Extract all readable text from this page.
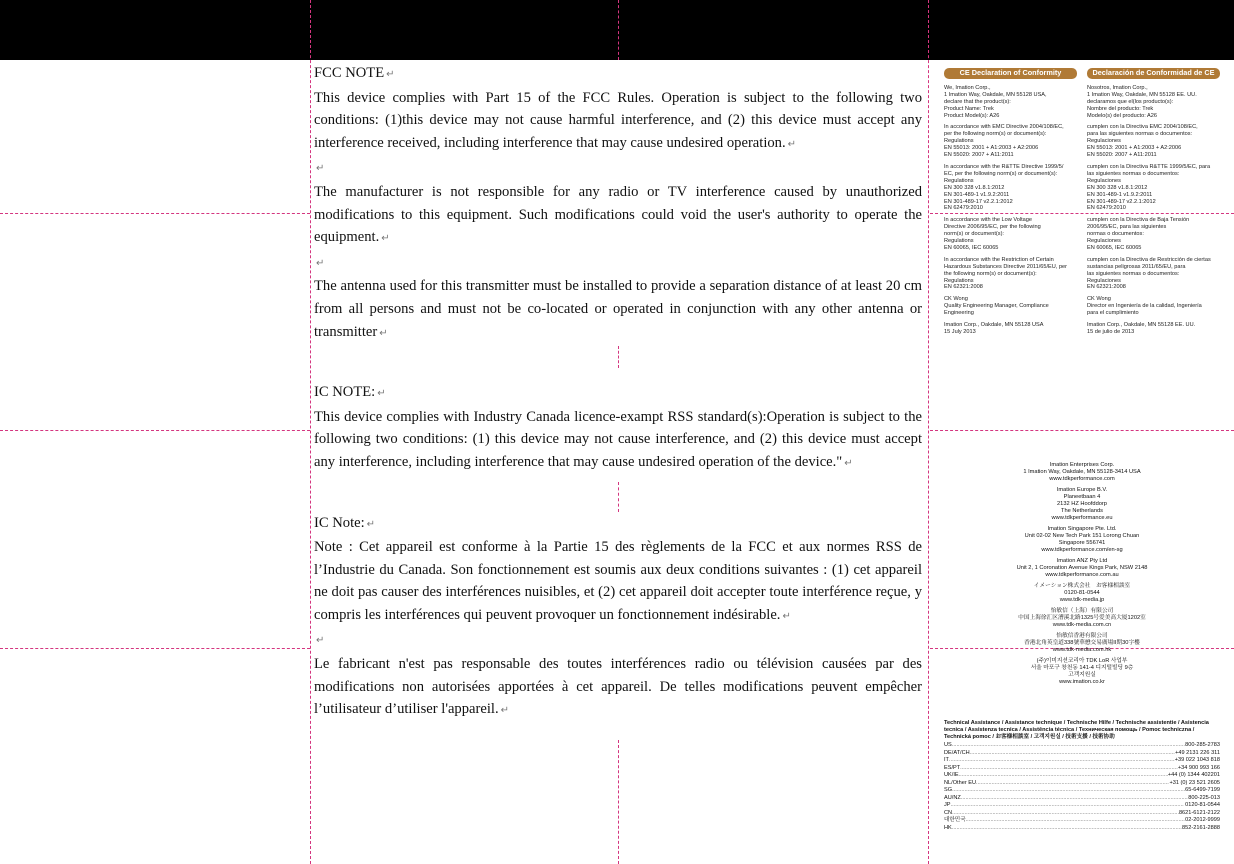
FCC NOTE ↵

This device complies with Part 15 of the FCC Rules. Operation is subject to the following two conditions: (1)this device may not cause harmful interference, and (2) this device must accept any interference received, including interference that may cause undesired operation. ↵

↵

The manufacturer is not responsible for any radio or TV interference caused by unauthorized modifications to this equipment. Such modifications could void the user's authority to operate the equipment. ↵

↵

The antenna used for this transmitter must be installed to provide a separation distance of at least 20 cm from all persons and must not be co-located or operated in conjunction with any other antenna or transmitter ↵

IC NOTE: ↵

This device complies with Industry Canada licence-exampt RSS standard(s):Operation is subject to the following two conditions: (1) this device may not cause interference, and (2) this device must accept any interference, including interference that may cause undesired operation of the device." ↵

IC Note: ↵

Note : Cet appareil est conforme à la Partie 15 des règlements de la FCC et aux normes RSS de l’Industrie du Canada. Son fonctionnement est soumis aux deux conditions suivantes : (1) cet appareil ne doit pas causer des interférences nuisibles, et (2) cet appareil doit accepter toute interférence reçue, y compris les interférences qui peuvent provoquer un fonctionnement indésirable. ↵

↵

Le fabricant n'est pas responsable des toutes interférences radio ou télévision causées par des modifications non autorisées apportées à cet appareil. De telles modifications peuvent empêcher l’utilisateur d’utiliser l'appareil. ↵

CE Declaration of Conformity

We, Imation Corp.,
1 Imation Way, Oakdale, MN 55128 USA,
declare that the product(s):
Product Name: Trek
Product Model(s): A26

In accordance with EMC Directive 2004/108/EC,
per the following norm(s) or document(s):
Regulations
EN 55013: 2001 + A1:2003 + A2:2006
EN 55020: 2007 + A11:2011

In accordance with the R&TTE Directive 1999/5/
EC, per the following norm(s) or document(s):
Regulations
EN 300 328 v1.8.1:2012
EN 301-489-1 v1.9.2:2011
EN 301-489-17 v2.2.1:2012
EN 62479:2010

In accordance with the Low Voltage
Directive 2006/95/EC, per the following
norm(s) or document(s):
Regulations
EN 60065, IEC 60065

In accordance with the Restriction of Certain
Hazardous Substances Directive 2011/65/EU, per
the following norm(s) or document(s):
Regulations
EN 62321:2008

CK Wong
Quality Engineering Manager, Compliance
Engineering

Imation Corp., Oakdale, MN 55128 USA
15 July 2013

Declaración de Conformidad de CE

Nosotros, Imation Corp.,
1 Imation Way, Oakdale, MN 55128 EE. UU.
declaramos que el(los producto(s):
Nombre del producto: Trek
Modelo(s) del producto: A26

cumplen con la Directiva EMC 2004/108/EC,
para las siguientes normas o documentos:
Regulaciones
EN 55013: 2001 + A1:2003 + A2:2006
EN 55020: 2007 + A11:2011

cumplen con la Directiva R&TTE 1999/5/EC, para
las siguientes normas o documentos:
Regulaciones
EN 300 328 v1.8.1:2012
EN 301-489-1 v1.9.2:2011
EN 301-489-17 v2.2.1:2012
EN 62479:2010

cumplen con la Directiva de Baja Tensión
2006/95/EC, para las siguientes
normas o documentos:
Regulaciones
EN 60065, IEC 60065

cumplen con la Directiva de Restricción de ciertas
sustancias peligrosas 2011/65/EU, para
las siguientes normas o documentos:
Regulaciones
EN 62321:2008

CK Wong
Director en Ingeniería de la calidad, Ingeniería
para el cumplimiento

Imation Corp., Oakdale, MN 55128 EE. UU.
15 de julio de 2013

Imation Enterprises Corp.
1 Imation Way, Oakdale, MN 55128-3414 USA
www.tdkperformance.com

Imation Europe B.V.
Planeetbaan 4
2132 HZ Hoofddorp
The Netherlands
www.tdkperformance.eu

Imation Singapore Pte. Ltd.
Unit 02-02 New Tech Park 151 Lorong Chuan
Singapore 556741
www.tdkperformance.com/en-sg

Imation ANZ Pty Ltd
Unit 2, 1 Coronation Avenue Kings Park, NSW 2148
www.tdkperformance.com.au

イメーション株式会社　お客様相談室
0120-81-0544
www.tdk-media.jp

怡敏信（上海）有限公司
中国上海徐汇区漕溪北路1325号爱美高大厦1202室
www.tdk-media.com.cn

怡敏信香港有限公司
香港北角英皇道338號華懋交易廣場II期30字樓
www.tdk-media.com.hk

(주)이미지션코리아 TDK LoR 사업부
서울 마포구 창천동 141-4 디지털빌딩 9층
고객지원실
www.imation.co.kr

Technical Assistance / Assistance technique / Technische Hilfe / Technische assistentie / Asistencia tecnica / Assistenza tecnica / Assistência técnica / Техническая помощь / Pomoc techniczna / Technická pomoc / お客様相談室 / 고객지원실 / 技術支援 / 技術协助
US .....	800-285-2783
DE/AT/CH .....	+49 2131 226 311
IT .....	+39 022 1043 818
ES/PT .....	+34 900 993 166
UK/IE .....	+44 (0) 1344 402201
NL/Other EU .....	+31 (0) 23 521 2605
SG .....	65-6499-7199
AU/NZ .....	800-225-013
JP .....	0120-81-0544
CN .....	8621-6121-2122
대한민국 .....	02-2012-9999
HK .....	852-2161-2888
